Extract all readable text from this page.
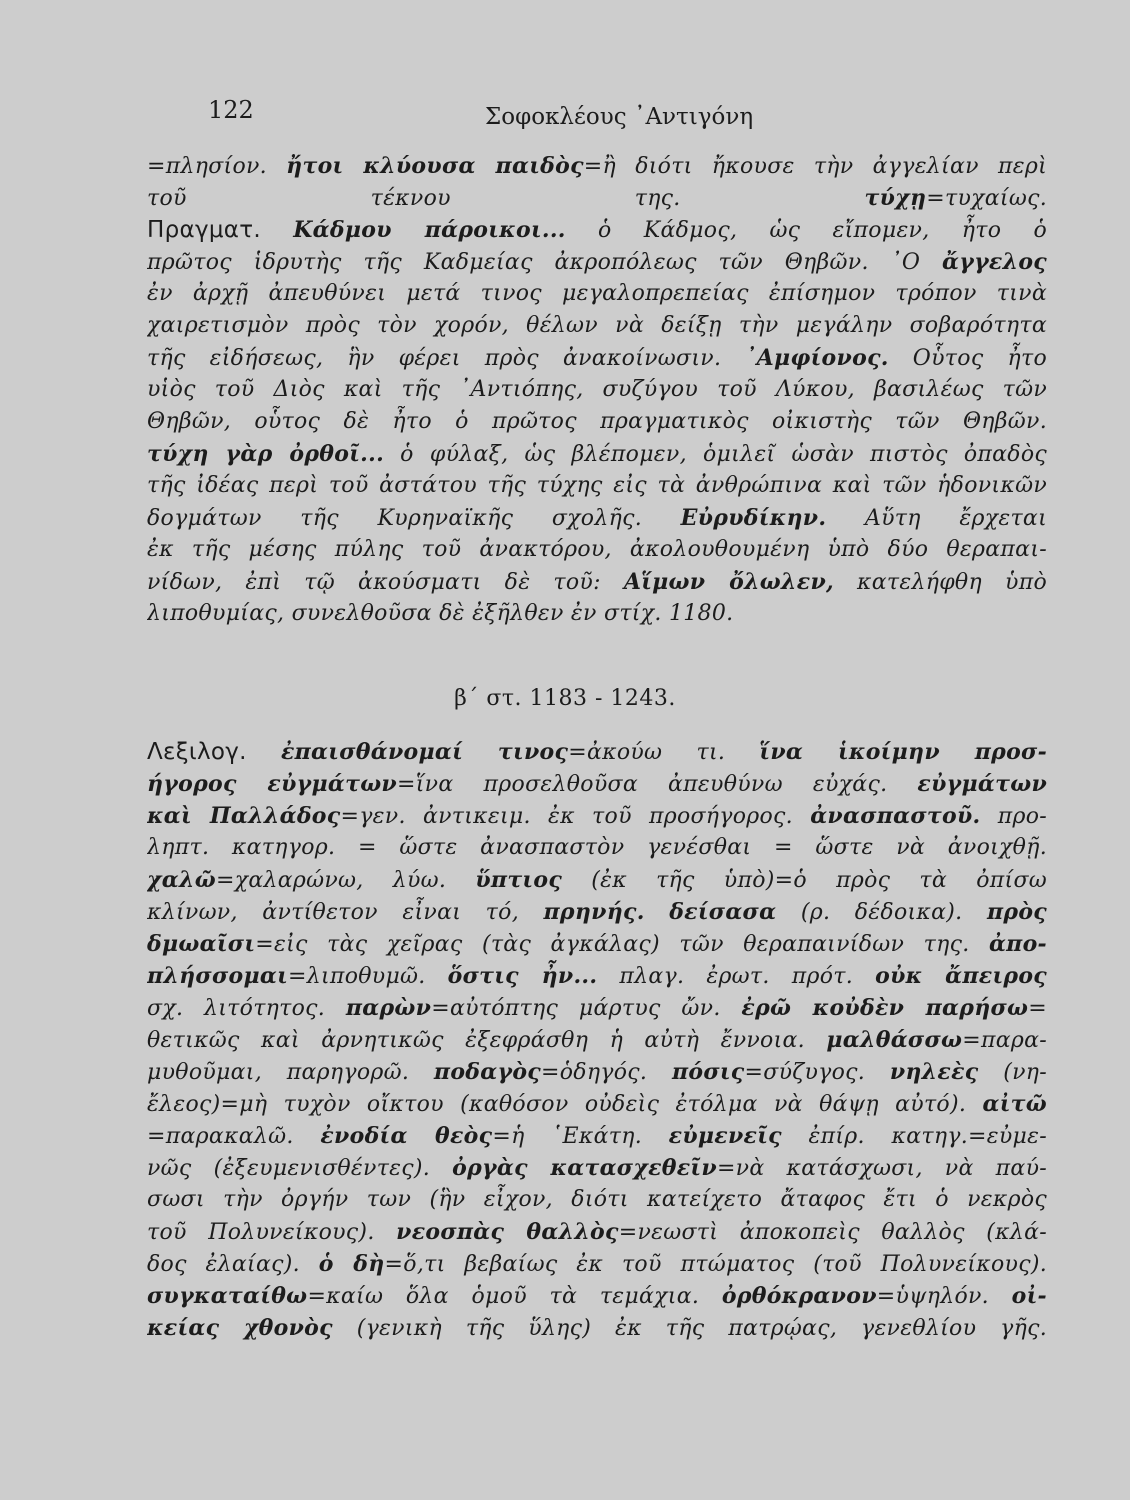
122	Σοφοκλέους ᾿Αντιγόνη
=πλησίον. ἤτοι κλύουσα παιδὸς=ἢ διότι ἤκουσε τὴν ἀγγελίαν περὶ
τοῦ τέκνου της. τύχῃ=τυχαίως.
Πραγματ. Κάδμου πάροικοι... ὁ Κάδμος, ὡς εἴπομεν, ἦτο ὁ
πρῶτος ἱδρυτὴς τῆς Καδμείας ἀκροπόλεως τῶν Θηβῶν. ᾿Ο ἄγγελος
ἐν ἀρχῇ ἀπευθύνει μετά τινος μεγαλοπρεπείας ἐπίσημον τρόπον τινὰ
χαιρετισμὸν πρὸς τὸν χορόν, θέλων νὰ δείξῃ τὴν μεγάλην σοβαρότητα
τῆς εἰδήσεως, ἣν φέρει πρὸς ἀνακοίνωσιν. ᾿Αμφίονος. Οὗτος ἦτο
υἱὸς τοῦ Διὸς καὶ τῆς ᾿Αντιόπης, συζύγου τοῦ Λύκου, βασιλέως τῶν
Θηβῶν, οὗτος δὲ ἦτο ὁ πρῶτος πραγματικὸς οἰκιστὴς τῶν Θηβῶν.
τύχη γὰρ ὀρθοῖ... ὁ φύλαξ, ὡς βλέπομεν, ὁμιλεῖ ὡσὰν πιστὸς ὀπαδὸς
τῆς ἰδέας περὶ τοῦ ἀστάτου τῆς τύχης εἰς τὰ ἀνθρώπινα καὶ τῶν ἡδονικῶν
δογμάτων τῆς Κυρηναϊκῆς σχολῆς. Εὐρυδίκην. Αὕτη ἔρχεται
ἐκ τῆς μέσης πύλης τοῦ ἀνακτόρου, ἀκολουθουμένη ὑπὸ δύο θεραπαι-
νίδων, ἐπὶ τῷ ἀκούσματι δὲ τοῦ: Αἵμων ὄλωλεν, κατελήφθη ὑπὸ
λιποθυμίας, συνελθοῦσα δὲ ἐξῆλθεν ἐν στίχ. 1180.
β΄ στ. 1183 - 1243.
Λεξιλογ. ἐπαισθάνομαί τινος=ἀκούω τι. ἵνα ἱκοίμην προσ-
ήγορος εὐγμάτων=ἵνα προσελθοῦσα ἀπευθύνω εὐχάς. εὐγμάτων
καὶ Παλλάδος=γεν. ἀντικειμ. ἐκ τοῦ προσήγορος. ἀνασπαστοῦ. προ-
ληπτ. κατηγορ. = ὥστε ἀνασπαστὸν γενέσθαι = ὥστε νὰ ἀνοιχθῇ.
χαλῶ=χαλαρώνω, λύω. ὕπτιος (ἐκ τῆς ὑπὸ)=ὁ πρὸς τὰ ὀπίσω
κλίνων, ἀντίθετον εἶναι τό, πρηνής. δείσασα (ρ. δέδοικα). πρὸς
δμωαῖσι=εἰς τὰς χεῖρας (τὰς ἀγκάλας) τῶν θεραπαινίδων της. ἀπο-
πλήσσομαι=λιποθυμῶ. ὅστις ἦν... πλαγ. ἐρωτ. πρότ. οὐκ ἄπειρος
σχ. λιτότητος. παρὼν=αὐτόπτης μάρτυς ὤν. ἐρῶ κοὐδὲν παρήσω=
θετικῶς καὶ ἀρνητικῶς ἐξεφράσθη ἡ αὐτὴ ἔννοια. μαλθάσσω=παρα-
μυθοῦμαι, παρηγορῶ. ποδαγὸς=ὁδηγός. πόσις=σύζυγος. νηλεὲς (νη-
ἔλεος)=μὴ τυχὸν οἴκτου (καθόσον οὐδεὶς ἐτόλμα νὰ θάψῃ αὐτό). αἰτῶ
=παρακαλῶ. ἐνοδία θεὸς=ἡ ῾Εκάτη. εὐμενεῖς ἐπίρ. κατηγ.=εὐμε-
νῶς (ἐξευμενισθέντες). ὀργὰς κατασχεθεῖν=νὰ κατάσχωσι, νὰ παύ-
σωσι τὴν ὀργήν των (ἣν εἶχον, διότι κατείχετο ἄταφος ἔτι ὁ νεκρὸς
τοῦ Πολυνείκους). νεοσπὰς θαλλὸς=νεωστὶ ἀποκοπεὶς θαλλὸς (κλά-
δος ἐλαίας). ὁ δὴ=ὅ,τι βεβαίως ἐκ τοῦ πτώματος (τοῦ Πολυνείκους).
συγκαταίθω=καίω ὅλα ὁμοῦ τὰ τεμάχια. ὀρθόκρανον=ὑψηλόν. οἰ-
κείας χθονὸς (γενικὴ τῆς ὕλης) ἐκ τῆς πατρῴας, γενεθλίου γῆς.
